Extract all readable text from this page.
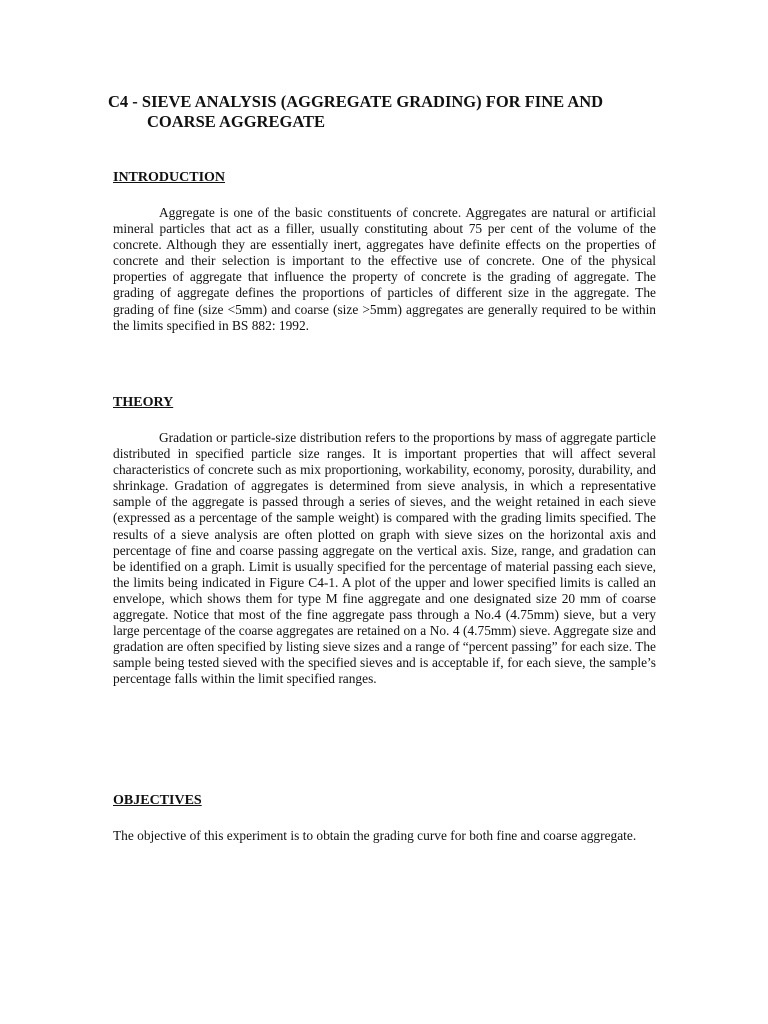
C4 - SIEVE ANALYSIS (AGGREGATE GRADING) FOR FINE AND
COARSE AGGREGATE
INTRODUCTION

Aggregate is one of the basic constituents of concrete. Aggregates are natural or artificial mineral particles that act as a filler, usually constituting about 75 per cent of the volume of the concrete. Although they are essentially inert, aggregates have definite effects on the properties of concrete and their selection is important to the effective use of concrete. One of the physical properties of aggregate that influence the property of concrete is the grading of aggregate. The grading of aggregate defines the proportions of particles of different size in the aggregate. The grading of fine (size <5mm) and coarse (size >5mm) aggregates are generally required to be within the limits specified in BS 882: 1992.

THEORY

Gradation or particle-size distribution refers to the proportions by mass of aggregate particle distributed in specified particle size ranges. It is important properties that will affect several characteristics of concrete such as mix proportioning, workability, economy, porosity, durability, and shrinkage. Gradation of aggregates is determined from sieve analysis, in which a representative sample of the aggregate is passed through a series of sieves, and the weight retained in each sieve (expressed as a percentage of the sample weight) is compared with the grading limits specified. The results of a sieve analysis are often plotted on graph with sieve sizes on the horizontal axis and percentage of fine and coarse passing aggregate on the vertical axis. Size, range, and gradation can be identified on a graph. Limit is usually specified for the percentage of material passing each sieve, the limits being indicated in Figure C4-1. A plot of the upper and lower specified limits is called an envelope, which shows them for type M fine aggregate and one designated size 20 mm of coarse aggregate. Notice that most of the fine aggregate pass through a No.4 (4.75mm) sieve, but a very large percentage of the coarse aggregates are retained on a No. 4 (4.75mm) sieve. Aggregate size and gradation are often specified by listing sieve sizes and a range of “percent passing” for each size. The sample being tested sieved with the specified sieves and is acceptable if, for each sieve, the sample’s percentage falls within the limit specified ranges.

OBJECTIVES

The objective of this experiment is to obtain the grading curve for both fine and coarse aggregate.
